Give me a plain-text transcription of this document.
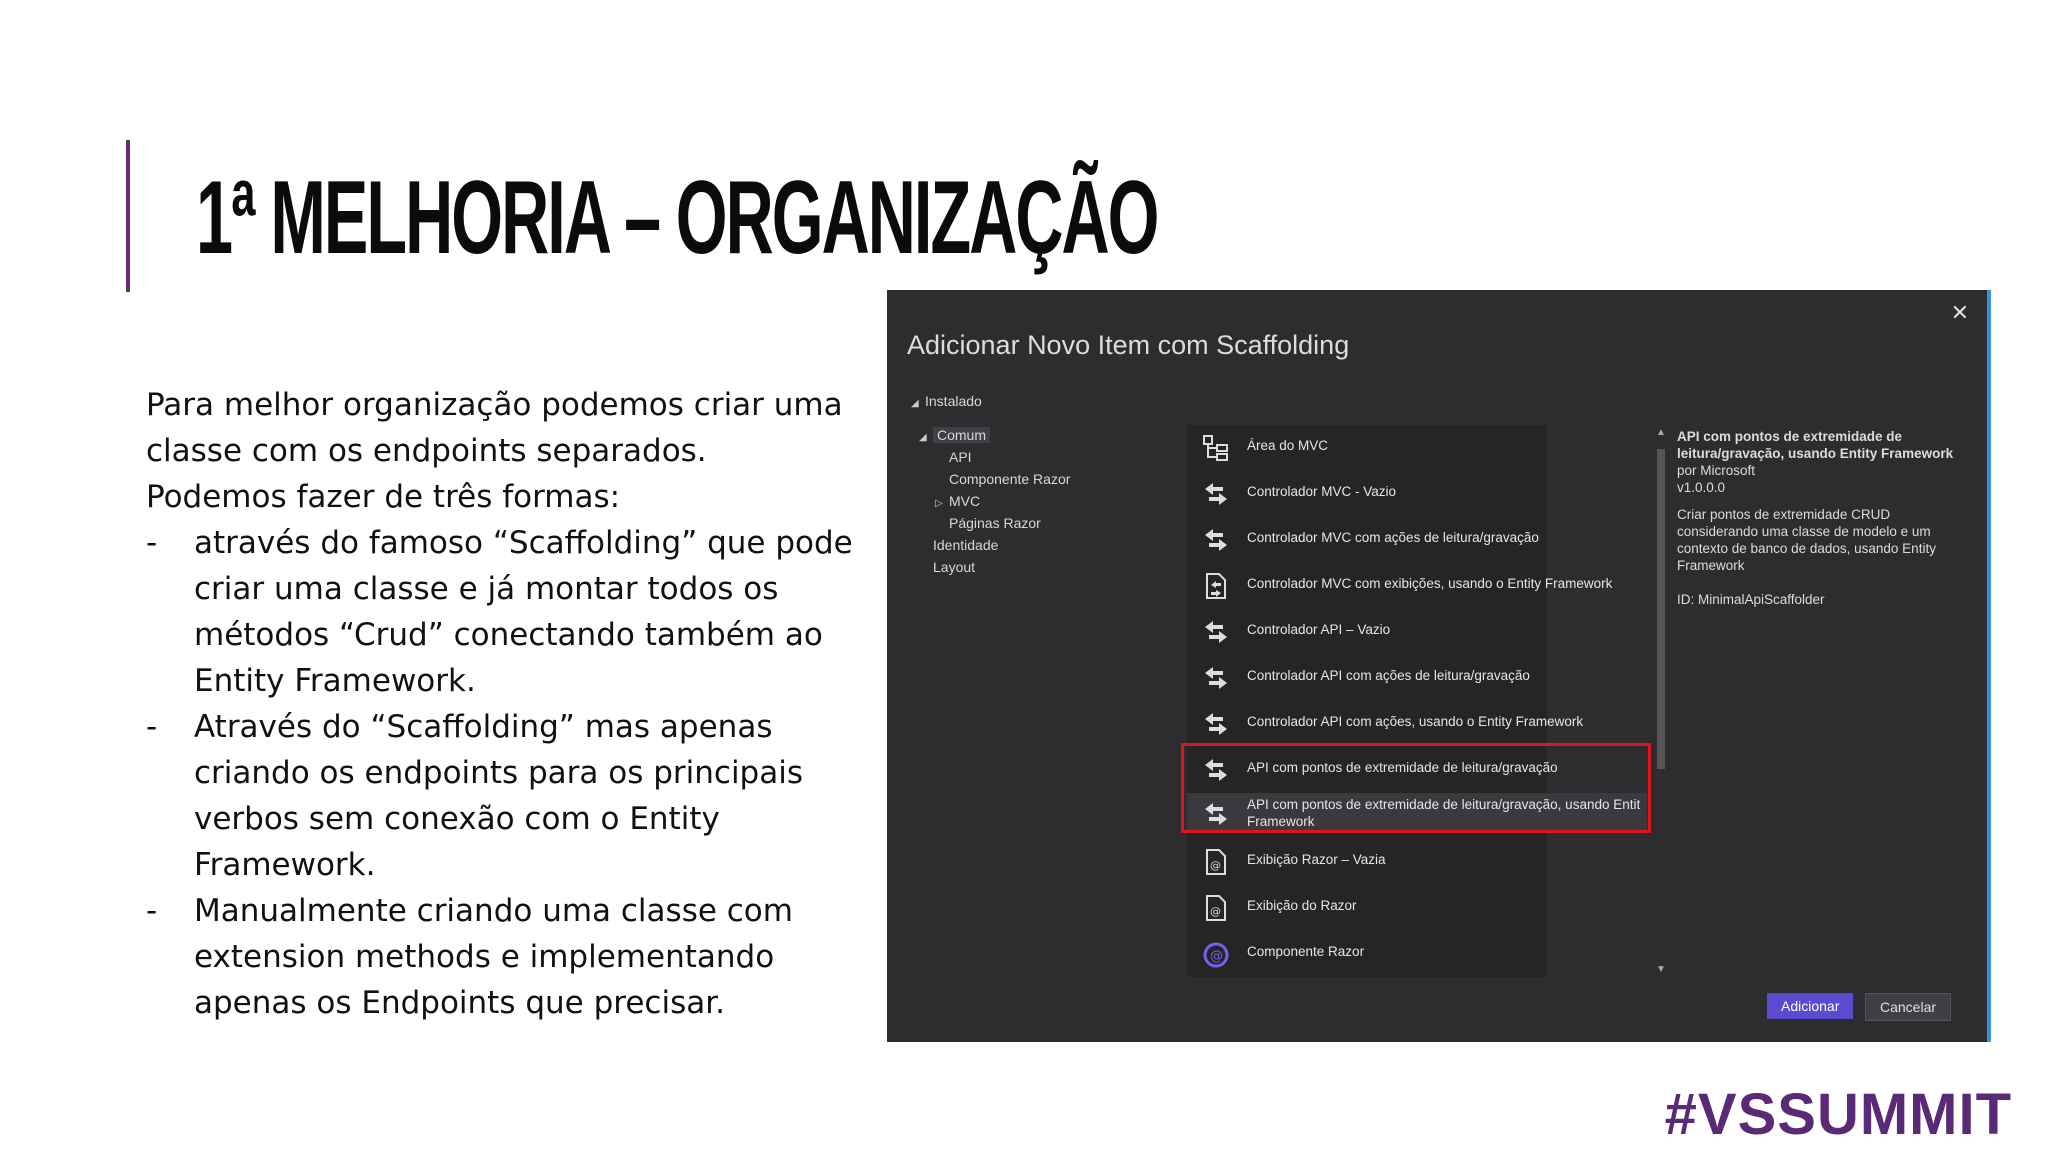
1ª MELHORIA – ORGANIZAÇÃO

Para melhor organização podemos criar uma classe com os endpoints separados.

Podemos fazer de três formas:

- através do famoso “Scaffolding” que pode criar uma classe e já montar todos os métodos “Crud” conectando também ao Entity Framework.
- Através do “Scaffolding” mas apenas criando os endpoints para os principais verbos sem conexão com o Entity Framework.
- Manualmente criando uma classe com extension methods e implementando apenas os Endpoints que precisar.
✕
Adicionar Novo Item com Scaffolding
◢ Instalado
◢ Comum
API
Componente Razor
▷ MVC
Páginas Razor
Identidade
Layout
Área do MVC
Controlador MVC - Vazio
Controlador MVC com ações de leitura/gravação
Controlador MVC com exibições, usando o Entity Framework
Controlador API – Vazio
Controlador API com ações de leitura/gravação
Controlador API com ações, usando o Entity Framework
API com pontos de extremidade de leitura/gravação
API com pontos de extremidade de leitura/gravação, usando Entit Framework
@ Exibição Razor – Vazia
@ Exibição do Razor
@ Componente Razor
▲
▼
API com pontos de extremidade de leitura/gravação, usando Entity Framework
por Microsoft
v1.0.0.0
Criar pontos de extremidade CRUD considerando uma classe de modelo e um contexto de banco de dados, usando Entity Framework
ID: MinimalApiScaffolder
Adicionar	Cancelar
#VSSUMMIT
